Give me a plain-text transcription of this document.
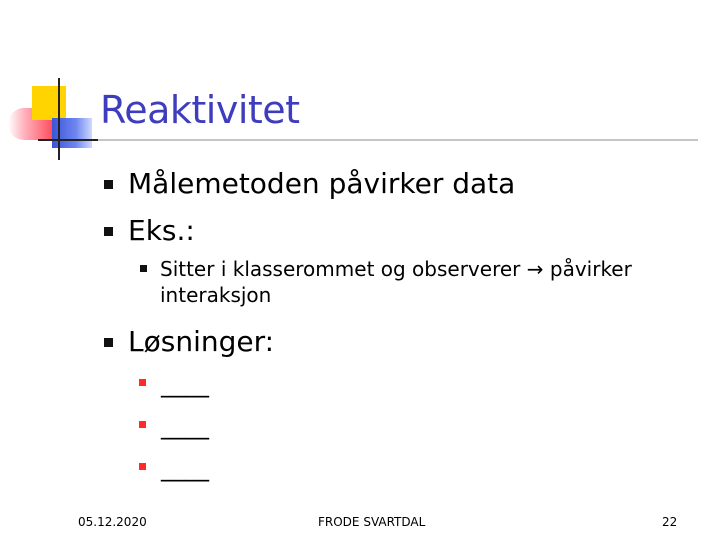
Reaktivitet
Målemetoden påvirker data
Eks.:
Sitter i klasserommet og observerer → påvirker interaksjon
Løsninger:
____
____
____
05.12.2020	FRODE SVARTDAL	22
